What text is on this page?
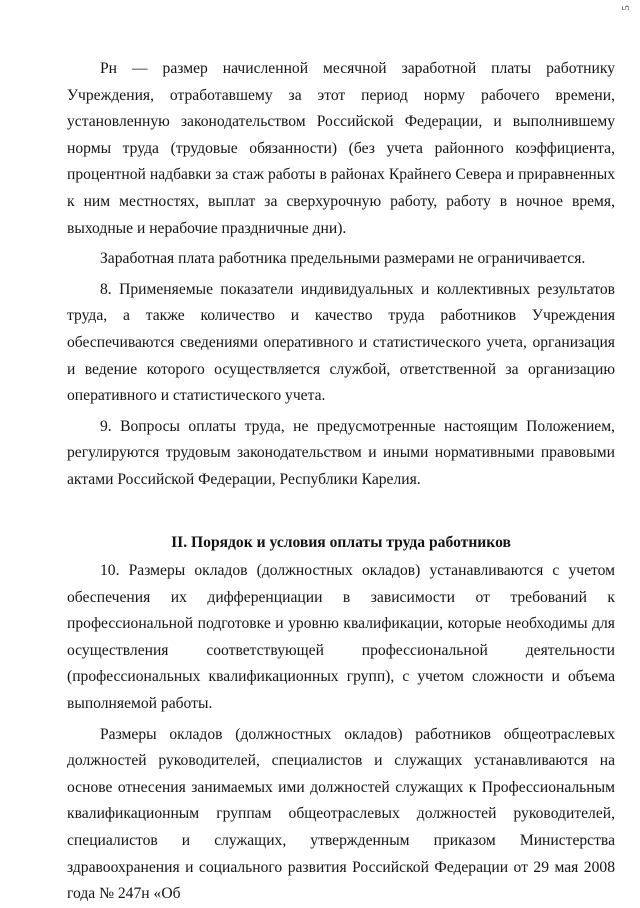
5

Рн — размер начисленной месячной заработной платы работнику Учреждения, отработавшему за этот период норму рабочего времени, установленную законодательством Российской Федерации, и выполнившему нормы труда (трудовые обязанности) (без учета районного коэффициента, процентной надбавки за стаж работы в районах Крайнего Севера и приравненных к ним местностях, выплат за сверхурочную работу, работу в ночное время, выходные и нерабочие праздничные дни).

Заработная плата работника предельными размерами не ограничивается.

8. Применяемые показатели индивидуальных и коллективных результатов труда, а также количество и качество труда работников Учреждения обеспечиваются сведениями оперативного и статистического учета, организация и ведение которого осуществляется службой, ответственной за организацию оперативного и статистического учета.

9. Вопросы оплаты труда, не предусмотренные настоящим Положением, регулируются трудовым законодательством и иными нормативными правовыми актами Российской Федерации, Республики Карелия.

II. Порядок и условия оплаты труда работников

10. Размеры окладов (должностных окладов) устанавливаются с учетом обеспечения их дифференциации в зависимости от требований к профессиональной подготовке и уровню квалификации, которые необходимы для осуществления соответствующей профессиональной деятельности (профессиональных квалификационных групп), с учетом сложности и объема выполняемой работы.

Размеры окладов (должностных окладов) работников общеотраслевых должностей руководителей, специалистов и служащих устанавливаются на основе отнесения занимаемых ими должностей служащих к Профессиональным квалификационным группам общеотраслевых должностей руководителей, специалистов и служащих, утвержденным приказом Министерства здравоохранения и социального развития Российской Федерации от 29 мая 2008 года № 247н «Об
